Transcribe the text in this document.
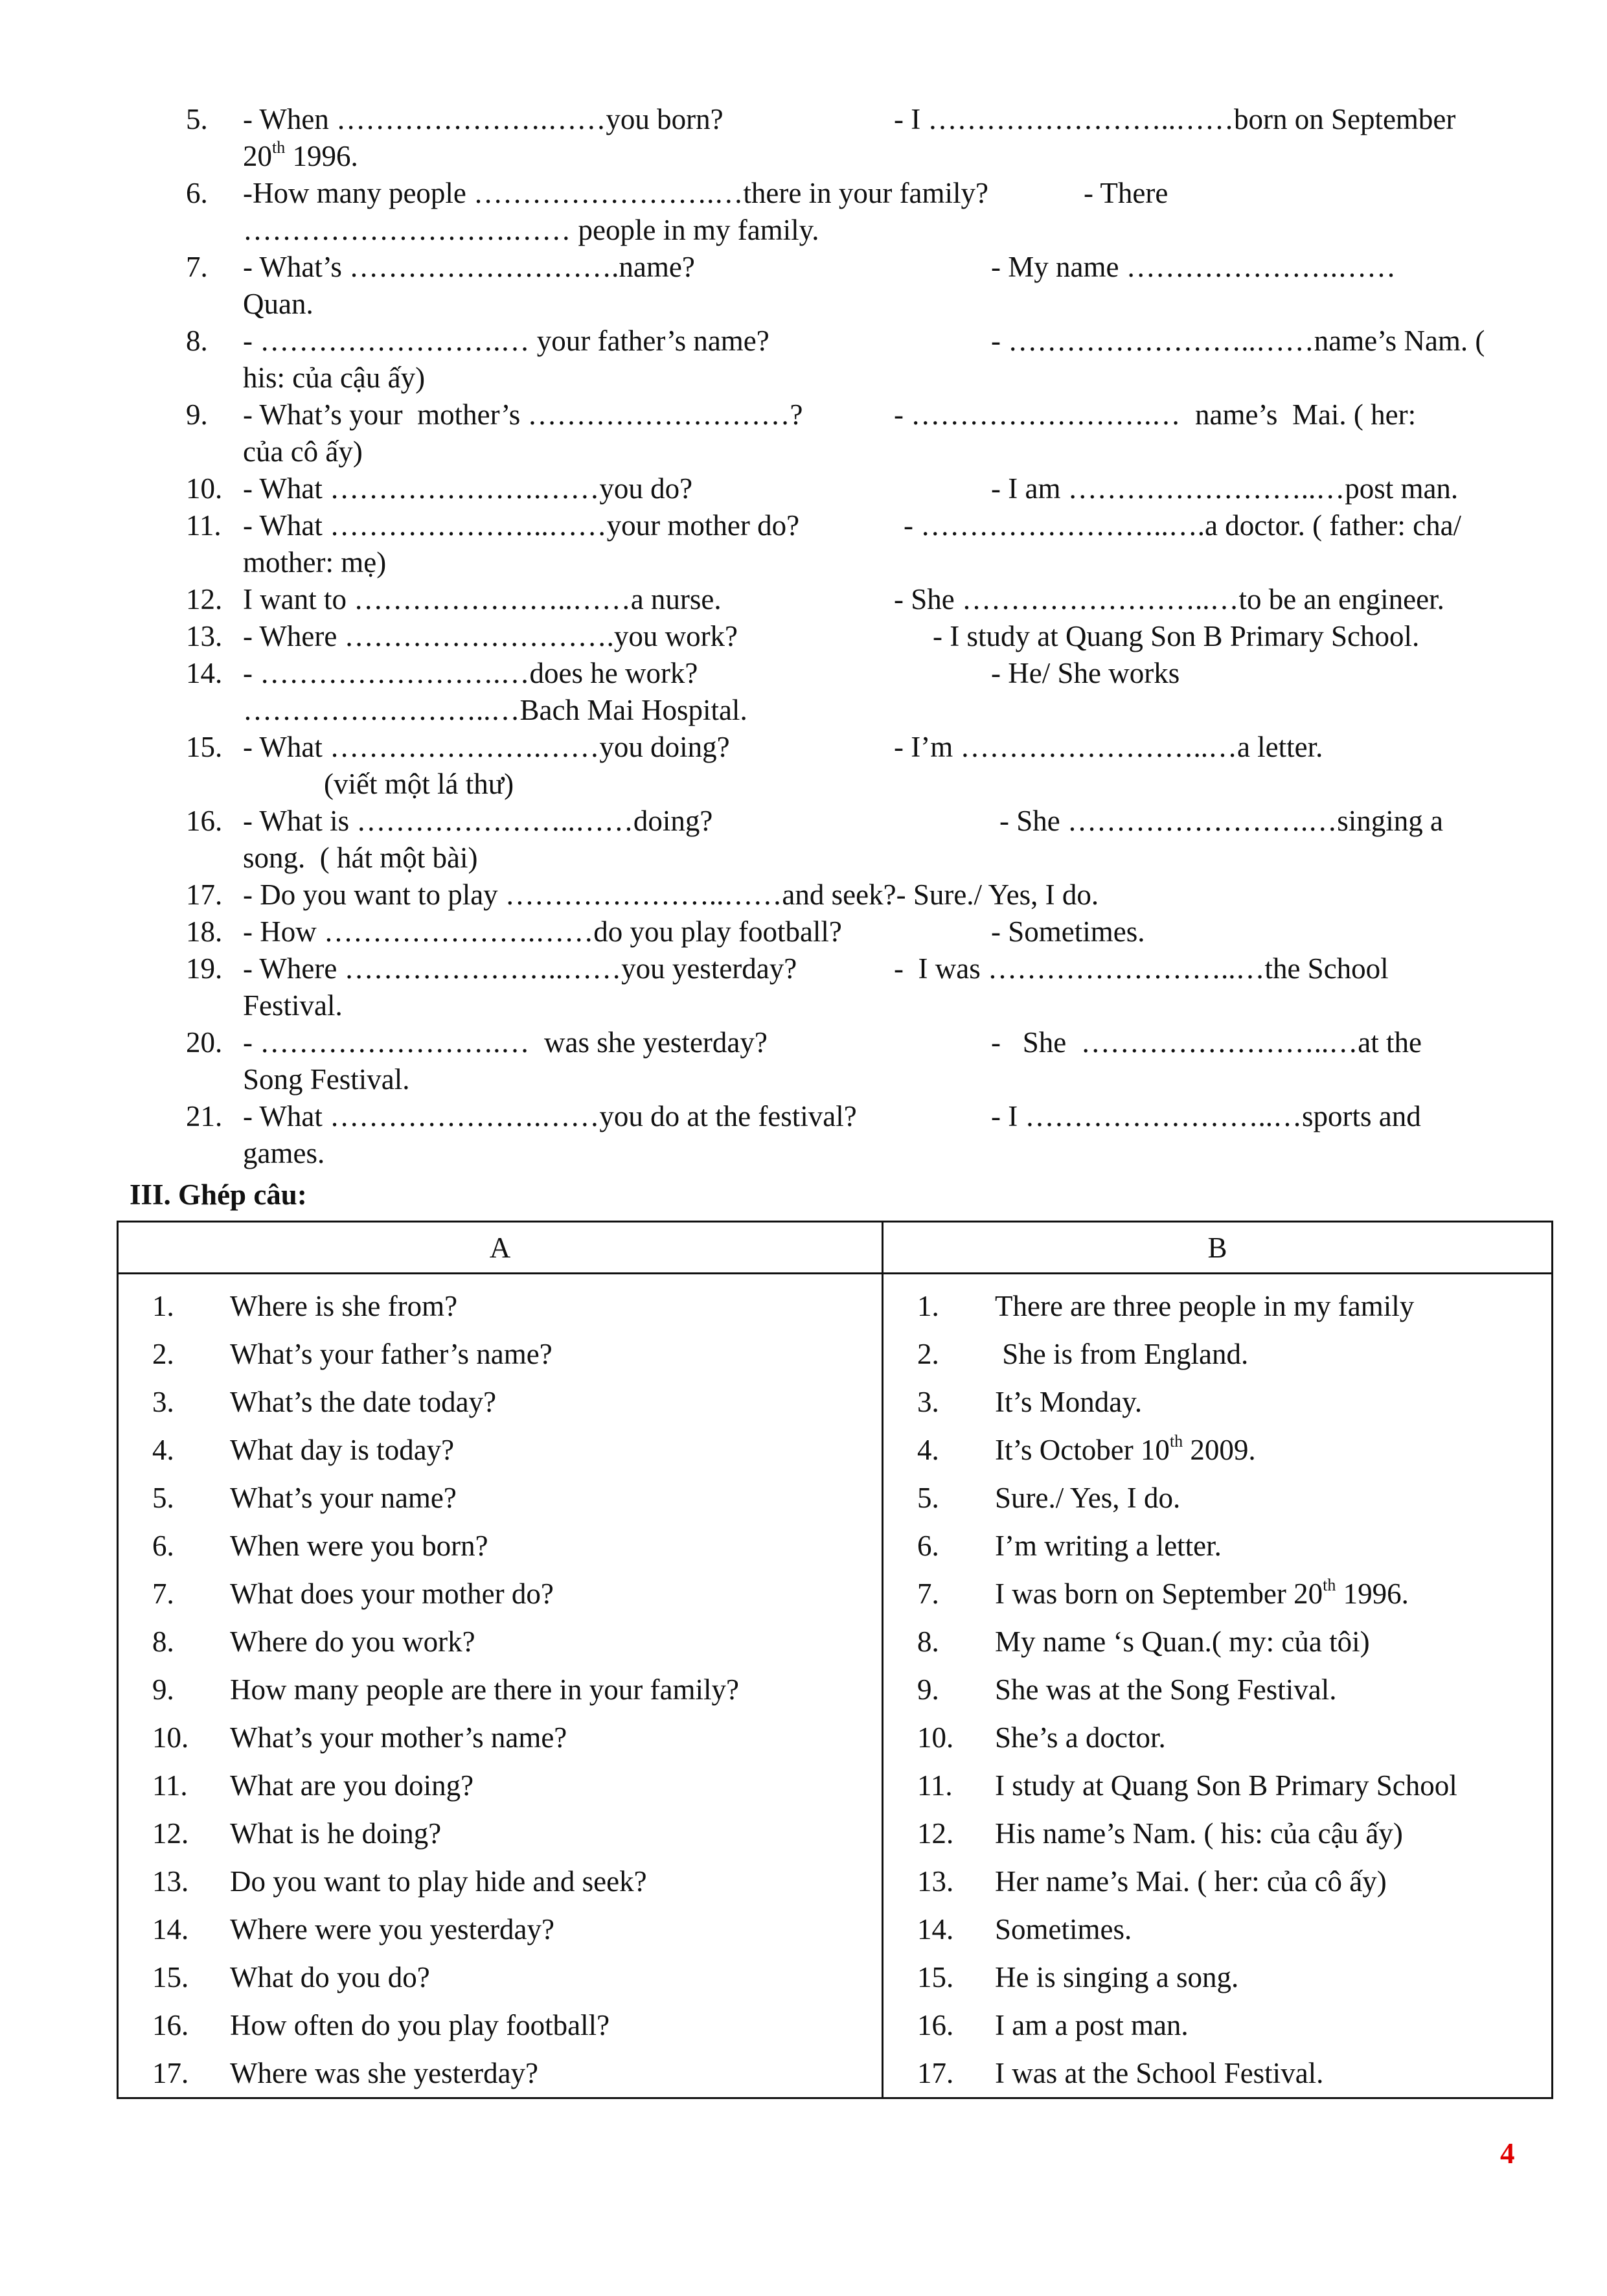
5.	- When ………………….……you born?	- I ……………………..……born on September
20th 1996.
6.	-How many people …………………….…there in your family?	- There
……………………….…… people in my family.
7.	- What’s ……………………….name?	- My name ………………….……
Quan.
8.	- …………………….… your father’s name?	- ……………………..……name’s Nam. (
his: của cậu ấy)
9.	- What’s your  mother’s ………………………?	- …………………….…  name’s  Mai. ( her:
của cô ấy)
10. - What ………………….……you do?	- I am ……………………..…post man.
11. - What …………………..……your mother do?	- ……………………..….a doctor. ( father: cha/
mother: mẹ)
12. I want to …………………..……a nurse.	- She ……………………..…to be an engineer.
13. - Where ……………………….you work?	- I study at Quang Son B Primary School.
14. - …………………….…does he work?	- He/ She works
……………………..…Bach Mai Hospital.
15. - What ………………….……you doing?	- I’m ……………………..…a letter.
(viết một lá thư)
16. - What is …………………..……doing?	- She …………………….…singing a
song.  ( hát một bài)
17. - Do you want to play …………………..……and seek?- Sure./ Yes, I do.
18. - How ………………….……do you play football?	- Sometimes.
19. - Where …………………..……you yesterday?	-  I was ……………………..…the School
Festival.
20. - …………………….…  was she yesterday?	-   She  ……………………..…at the
Song Festival.
21. - What ………………….……you do at the festival?	- I ……………………..…sports and
games.
III. Ghép câu:
A	B
1. Where is she from?	1. There are three people in my family
2. What’s your father’s name?	2. She is from England.
3. What’s the date today?	3. It’s Monday.
4. What day is today?	4. It’s October 10th 2009.
5. What’s your name?	5. Sure./ Yes, I do.
6. When were you born?	6. I’m writing a letter.
7. What does your mother do?	7. I was born on September 20th 1996.
8. Where do you work?	8. My name ‘s Quan.( my: của tôi)
9. How many people are there in your family?	9. She was at the Song Festival.
10. What’s your mother’s name?	10. She’s a doctor.
11. What are you doing?	11. I study at Quang Son B Primary School
12. What is he doing?	12. His name’s Nam. ( his: của cậu ấy)
13. Do you want to play hide and seek?	13. Her name’s Mai. ( her: của cô ấy)
14. Where were you yesterday?	14. Sometimes.
15. What do you do?	15. He is singing a song.
16. How often do you play football?	16. I am a post man.
17. Where was she yesterday?	17. I was at the School Festival.
4
